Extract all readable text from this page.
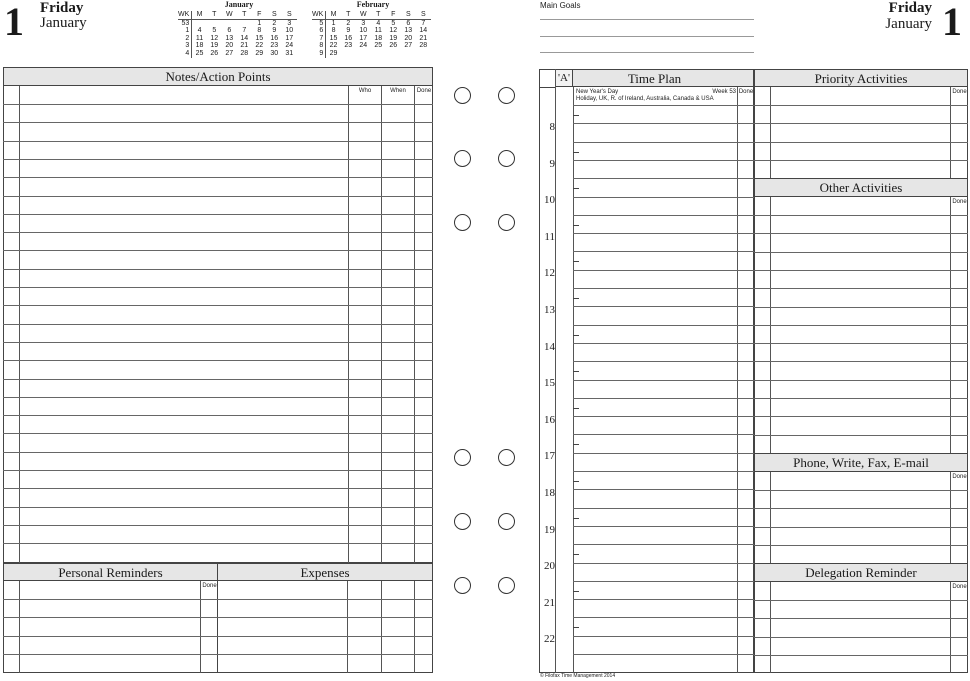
1 Friday
January
January
WK	M	T	W	T	F	S	S
53					1	2	3
1	4	5	6	7	8	9	10
2	11	12	13	14	15	16	17
3	18	19	20	21	22	23	24
4	25	26	27	28	29	30	31
February
WK	M	T	W	T	F	S	S
5	1	2	3	4	5	6	7
6	8	9	10	11	12	13	14
7	15	16	17	18	19	20	21
8	22	23	24	25	26	27	28
9	29						
Notes/Action Points
Who	When	Done
Personal Reminders
Done
Expenses
Main Goals	Friday
January 1
Time Plan
'A'
New Year's Day	Week 53 Done
Holiday, UK, R. of Ireland, Australia, Canada & USA
8
9
10
11
12
13
14
15
16
17
18
19
20
21
22
Priority Activities
Done
Other Activities
Done
Phone, Write, Fax, E-mail
Done
Delegation Reminder
Done
© Filofax Time Management 2014
